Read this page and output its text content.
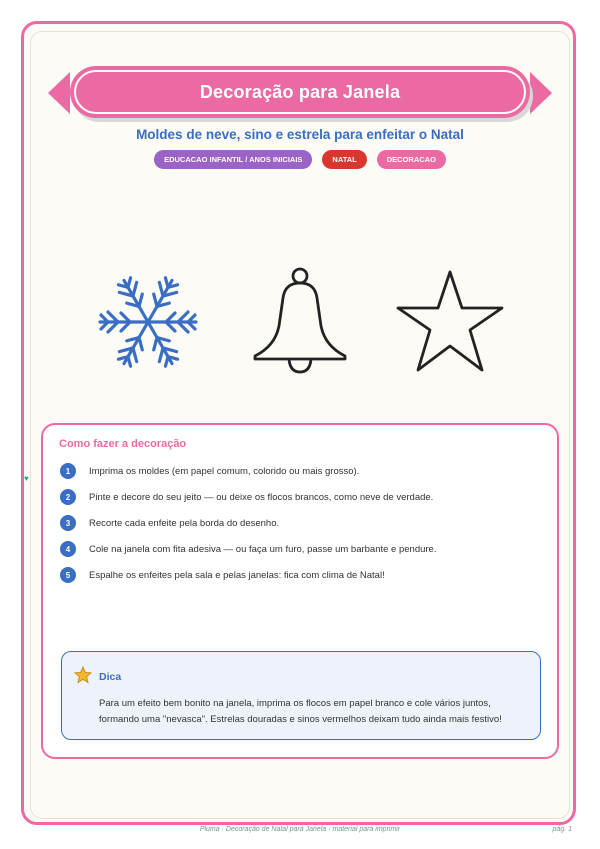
Decoração para Janela
Moldes de neve, sino e estrela para enfeitar o Natal
EDUCACAO INFANTIL / ANOS INICIAIS	NATAL	DECORACAO
♥
Como fazer a decoração
1	Imprima os moldes (em papel comum, colorido ou mais grosso).
2	Pinte e decore do seu jeito — ou deixe os flocos brancos, como neve de verdade.
3	Recorte cada enfeite pela borda do desenho.
4	Cole na janela com fita adesiva — ou faça um furo, passe um barbante e pendure.
5	Espalhe os enfeites pela sala e pelas janelas: fica com clima de Natal!
Dica
Para um efeito bem bonito na janela, imprima os flocos em papel branco e cole vários juntos, formando uma "nevasca". Estrelas douradas e sinos vermelhos deixam tudo ainda mais festivo!
Pluma · Decoração de Natal para Janela · material para imprimir	pág. 1
